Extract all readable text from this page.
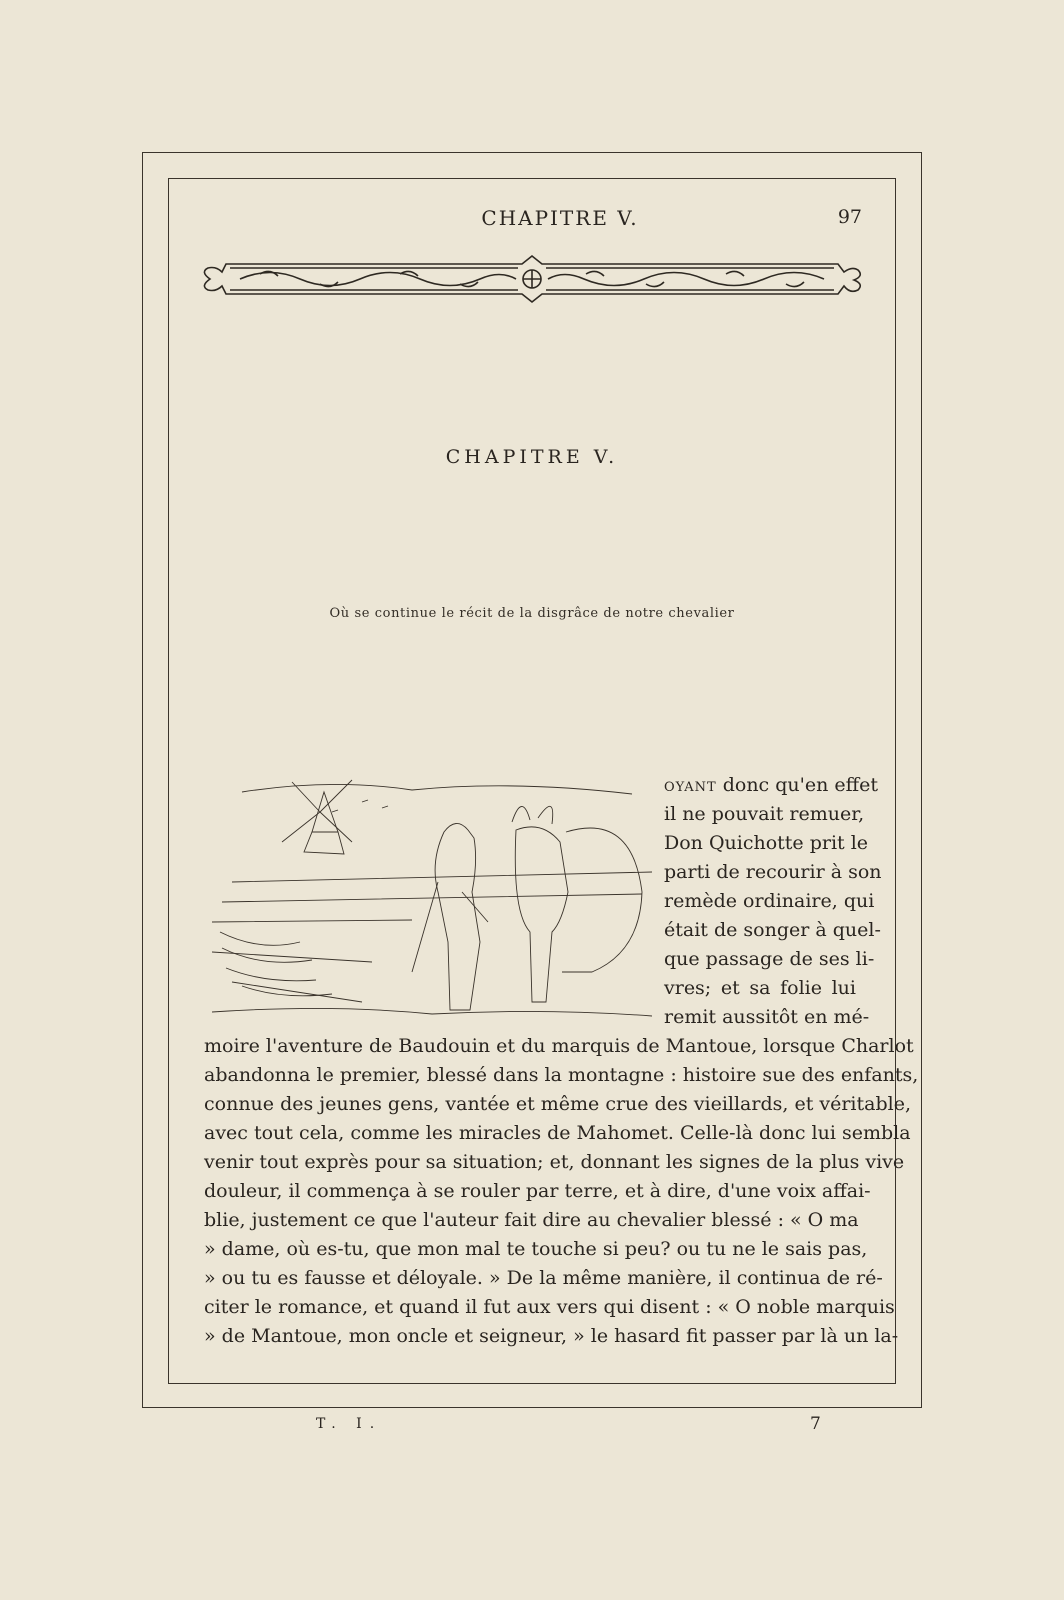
CHAPITRE V.	97
CHAPITRE V.
Où se continue le récit de la disgrâce de notre chevalier
OYANT donc qu'en effet
il ne pouvait remuer,
Don Quichotte prit le
parti de recourir à son
remède ordinaire, qui
était de songer à quel-
que passage de ses li-
vres; et sa folie lui
remit aussitôt en mé-
moire l'aventure de Baudouin et du marquis de Mantoue, lorsque Charlot
abandonna le premier, blessé dans la montagne : histoire sue des enfants,
connue des jeunes gens, vantée et même crue des vieillards, et véritable,
avec tout cela, comme les miracles de Mahomet. Celle-là donc lui sembla
venir tout exprès pour sa situation; et, donnant les signes de la plus vive
douleur, il commença à se rouler par terre, et à dire, d'une voix affai-
blie, justement ce que l'auteur fait dire au chevalier blessé : « O ma
» dame, où es-tu, que mon mal te touche si peu? ou tu ne le sais pas,
» ou tu es fausse et déloyale. » De la même manière, il continua de ré-
citer le romance, et quand il fut aux vers qui disent : « O noble marquis
» de Mantoue, mon oncle et seigneur, » le hasard fit passer par là un la-
T. I.	7
